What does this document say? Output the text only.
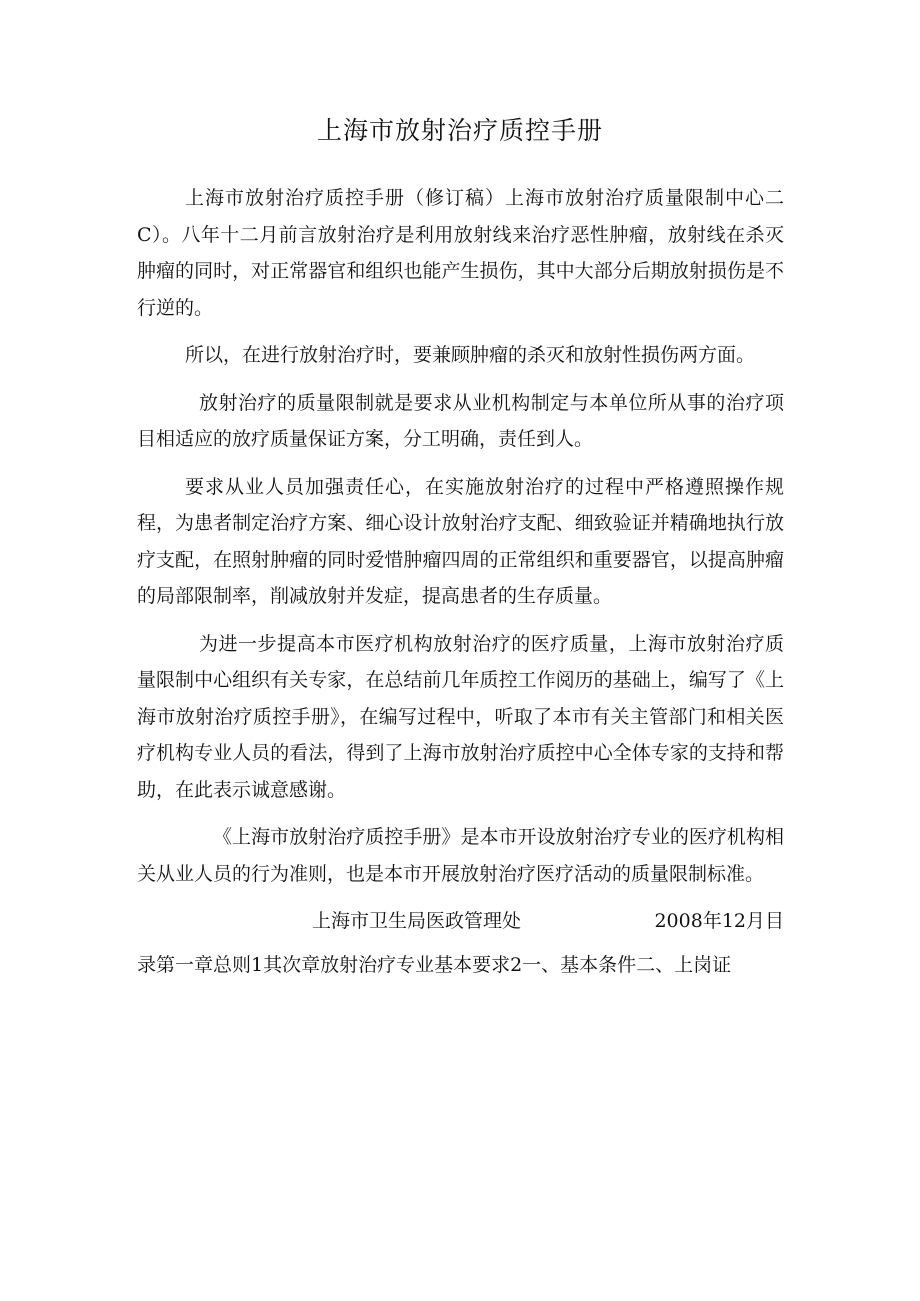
上海市放射治疗质控手册

上海市放射治疗质控手册（修订稿）上海市放射治疗质量限制中心二C）。八年十二月前言放射治疗是利用放射线来治疗恶性肿瘤，放射线在杀灭肿瘤的同时，对正常器官和组织也能产生损伤，其中大部分后期放射损伤是不行逆的。

所以，在进行放射治疗时，要兼顾肿瘤的杀灭和放射性损伤两方面。

放射治疗的质量限制就是要求从业机构制定与本单位所从事的治疗项目相适应的放疗质量保证方案，分工明确，责任到人。

要求从业人员加强责任心，在实施放射治疗的过程中严格遵照操作规程，为患者制定治疗方案、细心设计放射治疗支配、细致验证并精确地执行放疗支配，在照射肿瘤的同时爱惜肿瘤四周的正常组织和重要器官，以提高肿瘤的局部限制率，削减放射并发症，提高患者的生存质量。

为进一步提高本市医疗机构放射治疗的医疗质量，上海市放射治疗质量限制中心组织有关专家，在总结前几年质控工作阅历的基础上，编写了《上海市放射治疗质控手册》，在编写过程中，听取了本市有关主管部门和相关医疗机构专业人员的看法，得到了上海市放射治疗质控中心全体专家的支持和帮助，在此表示诚意感谢。

《上海市放射治疗质控手册》是本市开设放射治疗专业的医疗机构相关从业人员的行为准则，也是本市开展放射治疗医疗活动的质量限制标准。

上海市卫生局医政管理处	2008年12月目

录第一章总则1其次章放射治疗专业基本要求2一、基本条件二、上岗证
